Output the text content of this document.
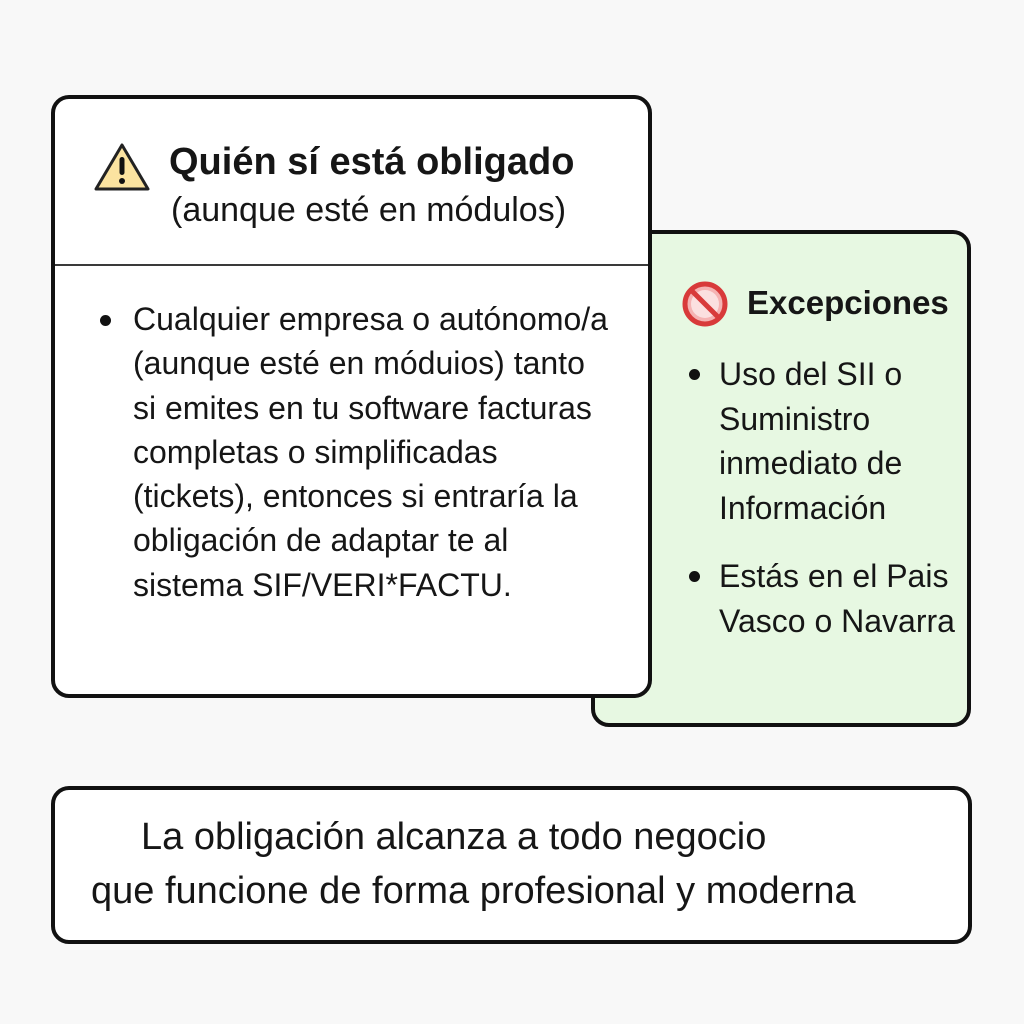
Excepciones
Uso del SII o Suministro inmediato de Información
Estás en el Pais Vasco o Navarra
Quién sí está obligado
(aunque esté en módulos)
Cualquier empresa o autónomo/a (aunque esté en móduios) tanto si emites en tu software facturas completas o simplificadas (tickets), entonces si entraría la obligación de adaptar te al sistema SIF/VERI*FACTU.
La obligación alcanza a todo negocio
que funcione de forma profesional y moderna
